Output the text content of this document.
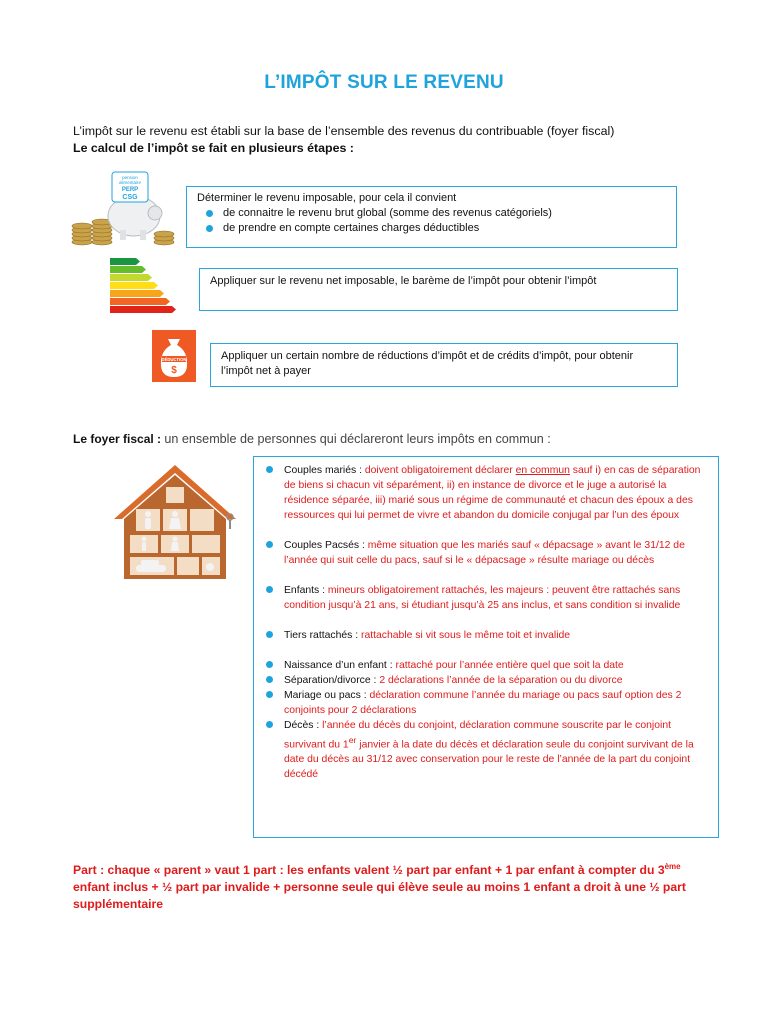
L’IMPÔT SUR LE REVENU
L’impôt sur le revenu est établi sur la base de l’ensemble des revenus du contribuable (foyer fiscal)
Le calcul de l’impôt se fait en plusieurs étapes :
pension
alimentaire
PERP
CSG	Déterminer le revenu imposable, pour cela il convient
de connaitre le revenu brut global (somme des revenus catégoriels)
de prendre en compte certaines charges déductibles
Appliquer sur le revenu net imposable, le barème de l’impôt pour obtenir l’impôt
DÉDUCTION
$
Appliquer un certain nombre de réductions d’impôt et de crédits d’impôt, pour obtenir l’impôt net à payer
Le foyer fiscal : un ensemble de personnes qui déclareront leurs impôts en commun :
Couples mariés : doivent obligatoirement déclarer en commun sauf i) en cas de séparation de biens si chacun vit séparément, ii) en instance de divorce et le juge a autorisé la résidence séparée, iii) marié sous un régime de communauté et chacun des époux a des ressources qui lui permet de vivre et abandon du domicile conjugal par l’un des époux
Couples Pacsés : même situation que les mariés sauf « dépacsage » avant le 31/12 de l’année qui suit celle du pacs, sauf si le « dépacsage » résulte mariage ou décès
Enfants : mineurs obligatoirement rattachés, les majeurs : peuvent être rattachés sans condition jusqu’à 21 ans, si étudiant jusqu’à 25 ans inclus, et sans condition si invalide
Tiers rattachés : rattachable si vit sous le même toit et invalide
Naissance d’un enfant : rattaché pour l’année entière quel que soit la date
Séparation/divorce : 2 déclarations l’année de la séparation ou du divorce
Mariage ou pacs : déclaration commune l’année du mariage ou pacs sauf option des 2 conjoints pour 2 déclarations
Décès : l’année du décès du conjoint, déclaration commune souscrite par le conjoint survivant du 1er janvier à la date du décès et déclaration seule du conjoint survivant de la date du décès au 31/12 avec conservation pour le reste de l’année de la part du conjoint décédé
Part : chaque « parent » vaut 1 part : les enfants valent ½ part par enfant + 1 par enfant à compter du 3ème enfant inclus + ½ part par invalide + personne seule qui élève seule au moins 1 enfant a droit à une ½ part supplémentaire
